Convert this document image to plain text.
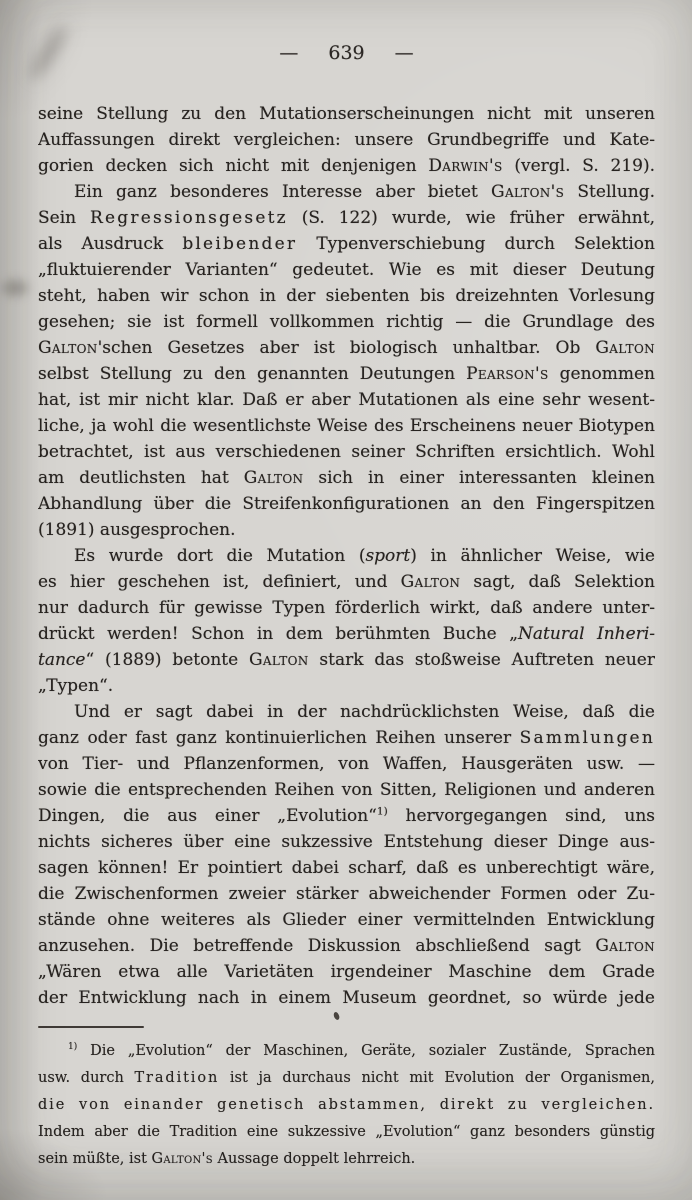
— 639 —
seine Stellung zu den Mutationserscheinungen nicht mit unseren
Auffassungen direkt vergleichen: unsere Grundbegriffe und Kate-
gorien decken sich nicht mit denjenigen Darwin's (vergl. S. 219).
Ein ganz besonderes Interesse aber bietet Galton's Stellung.
Sein Regressionsgesetz (S. 122) wurde, wie früher erwähnt,
als Ausdruck bleibender Typenverschiebung durch Selektion
„fluktuierender Varianten“ gedeutet. Wie es mit dieser Deutung
steht, haben wir schon in der siebenten bis dreizehnten Vorlesung
gesehen; sie ist formell vollkommen richtig — die Grundlage des
Galton'schen Gesetzes aber ist biologisch unhaltbar. Ob Galton
selbst Stellung zu den genannten Deutungen Pearson's genommen
hat, ist mir nicht klar. Daß er aber Mutationen als eine sehr wesent-
liche, ja wohl die wesentlichste Weise des Erscheinens neuer Biotypen
betrachtet, ist aus verschiedenen seiner Schriften ersichtlich. Wohl
am deutlichsten hat Galton sich in einer interessanten kleinen
Abhandlung über die Streifenkonfigurationen an den Fingerspitzen
(1891) ausgesprochen.
Es wurde dort die Mutation (sport) in ähnlicher Weise, wie
es hier geschehen ist, definiert, und Galton sagt, daß Selektion
nur dadurch für gewisse Typen förderlich wirkt, daß andere unter-
drückt werden! Schon in dem berühmten Buche „Natural Inheri-
tance“ (1889) betonte Galton stark das stoßweise Auftreten neuer
„Typen“.
Und er sagt dabei in der nachdrücklichsten Weise, daß die
ganz oder fast ganz kontinuierlichen Reihen unserer Sammlungen
von Tier- und Pflanzenformen, von Waffen, Hausgeräten usw. —
sowie die entsprechenden Reihen von Sitten, Religionen und anderen
Dingen, die aus einer „Evolution“$^{1)}$ hervorgegangen sind, uns
nichts sicheres über eine sukzessive Entstehung dieser Dinge aus-
sagen können! Er pointiert dabei scharf, daß es unberechtigt wäre,
die Zwischenformen zweier stärker abweichender Formen oder Zu-
stände ohne weiteres als Glieder einer vermittelnden Entwicklung
anzusehen. Die betreffende Diskussion abschließend sagt Galton
„Wären etwa alle Varietäten irgendeiner Maschine dem Grade
der Entwicklung nach in einem Museum geordnet, so würde jede
$^{1)}$ Die „Evolution“ der Maschinen, Geräte, sozialer Zustände, Sprachen
usw. durch Tradition ist ja durchaus nicht mit Evolution der Organismen,
die von einander genetisch abstammen, direkt zu vergleichen.
Indem aber die Tradition eine sukzessive „Evolution“ ganz besonders günstig
sein müßte, ist Galton's Aussage doppelt lehrreich.
